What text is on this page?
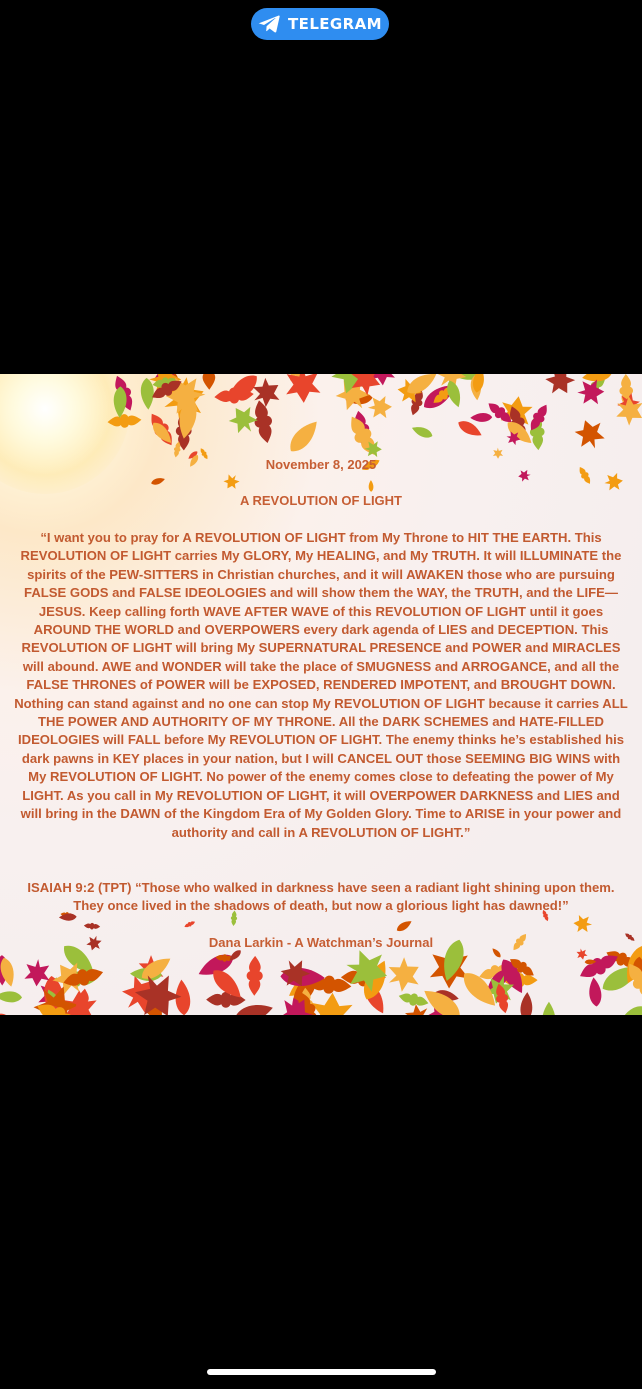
TELEGRAM
November 8, 2025
A REVOLUTION OF LIGHT
“I want you to pray for A REVOLUTION OF LIGHT from My Throne to HIT THE EARTH. This REVOLUTION OF LIGHT carries My GLORY, My HEALING, and My TRUTH. It will ILLUMINATE the spirits of the PEW-SITTERS in Christian churches, and it will AWAKEN those who are pursuing FALSE GODS and FALSE IDEOLOGIES and will show them the WAY, the TRUTH, and the LIFE—JESUS. Keep calling forth WAVE AFTER WAVE of this REVOLUTION OF LIGHT until it goes AROUND THE WORLD and OVERPOWERS every dark agenda of LIES and DECEPTION. This REVOLUTION OF LIGHT will bring My SUPERNATURAL PRESENCE and POWER and MIRACLES will abound. AWE and WONDER will take the place of SMUGNESS and ARROGANCE, and all the FALSE THRONES of POWER will be EXPOSED, RENDERED IMPOTENT, and BROUGHT DOWN. Nothing can stand against and no one can stop My REVOLUTION OF LIGHT because it carries ALL THE POWER AND AUTHORITY OF MY THRONE. All the DARK SCHEMES and HATE-FILLED IDEOLOGIES will FALL before My REVOLUTION OF LIGHT. The enemy thinks he’s established his dark pawns in KEY places in your nation, but I will CANCEL OUT those SEEMING BIG WINS with My REVOLUTION OF LIGHT. No power of the enemy comes close to defeating the power of My LIGHT. As you call in My REVOLUTION OF LIGHT, it will OVERPOWER DARKNESS and LIES and will bring in the DAWN of the Kingdom Era of My Golden Glory. Time to ARISE in your power and authority and call in A REVOLUTION OF LIGHT.”
ISAIAH 9:2 (TPT) “Those who walked in darkness have seen a radiant light shining upon them. They once lived in the shadows of death, but now a glorious light has dawned!”
Dana Larkin - A Watchman’s Journal
